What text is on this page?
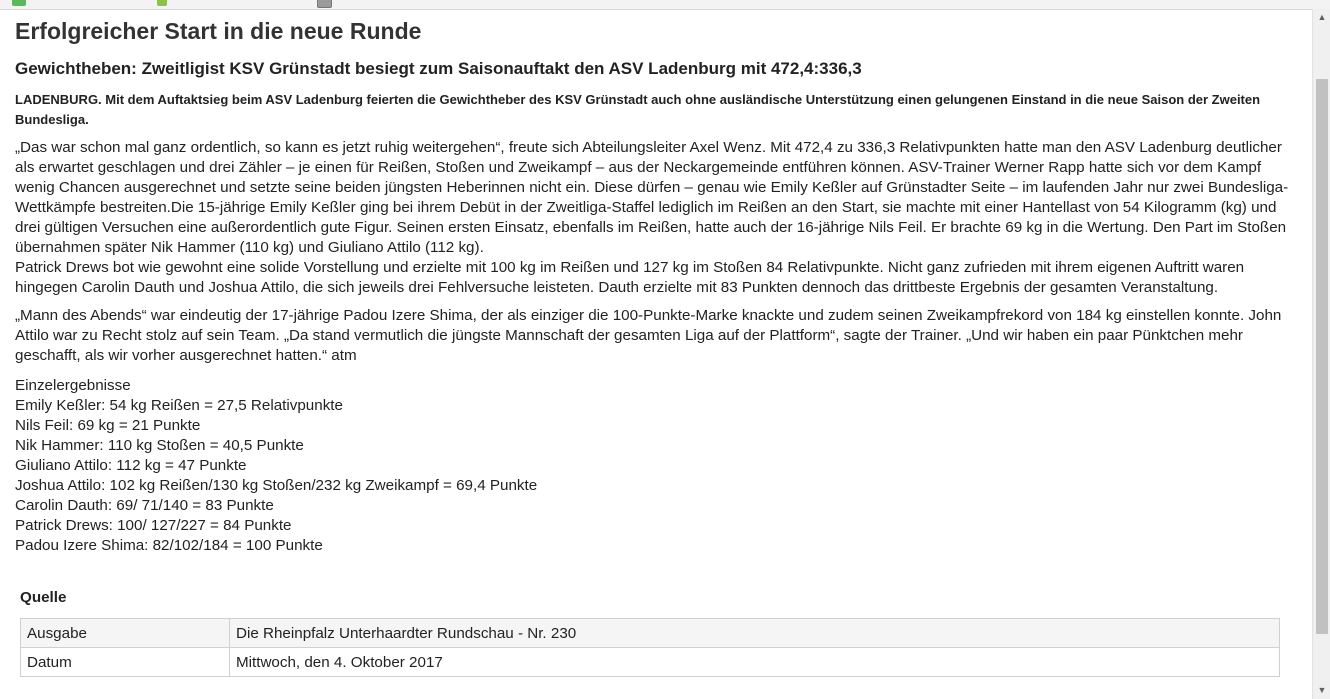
Erfolgreicher Start in die neue Runde
Gewichtheben: Zweitligist KSV Grünstadt besiegt zum Saisonauftakt den ASV Ladenburg mit 472,4:336,3

LADENBURG. Mit dem Auftaktsieg beim ASV Ladenburg feierten die Gewichtheber des KSV Grünstadt auch ohne ausländische Unterstützung einen gelungenen Einstand in die neue Saison der Zweiten Bundesliga.

„Das war schon mal ganz ordentlich, so kann es jetzt ruhig weitergehen“, freute sich Abteilungsleiter Axel Wenz. Mit 472,4 zu 336,3 Relativpunkten hatte man den ASV Ladenburg deutlicher als erwartet geschlagen und drei Zähler – je einen für Reißen, Stoßen und Zweikampf – aus der Neckargemeinde entführen können. ASV-Trainer Werner Rapp hatte sich vor dem Kampf wenig Chancen ausgerechnet und setzte seine beiden jüngsten Heberinnen nicht ein. Diese dürfen – genau wie Emily Keßler auf Grünstadter Seite – im laufenden Jahr nur zwei Bundesliga-Wettkämpfe bestreiten.Die 15-jährige Emily Keßler ging bei ihrem Debüt in der Zweitliga-Staffel lediglich im Reißen an den Start, sie machte mit einer Hantellast von 54 Kilogramm (kg) und drei gültigen Versuchen eine außerordentlich gute Figur. Seinen ersten Einsatz, ebenfalls im Reißen, hatte auch der 16-jährige Nils Feil. Er brachte 69 kg in die Wertung. Den Part im Stoßen übernahmen später Nik Hammer (110 kg) und Giuliano Attilo (112 kg).
Patrick Drews bot wie gewohnt eine solide Vorstellung und erzielte mit 100 kg im Reißen und 127 kg im Stoßen 84 Relativpunkte. Nicht ganz zufrieden mit ihrem eigenen Auftritt waren hingegen Carolin Dauth und Joshua Attilo, die sich jeweils drei Fehlversuche leisteten. Dauth erzielte mit 83 Punkten dennoch das drittbeste Ergebnis der gesamten Veranstaltung.

„Mann des Abends“ war eindeutig der 17-jährige Padou Izere Shima, der als einziger die 100-Punkte-Marke knackte und zudem seinen Zweikampfrekord von 184 kg einstellen konnte. John Attilo war zu Recht stolz auf sein Team. „Da stand vermutlich die jüngste Mannschaft der gesamten Liga auf der Plattform“, sagte der Trainer. „Und wir haben ein paar Pünktchen mehr geschafft, als wir vorher ausgerechnet hatten.“ atm

Einzelergebnisse
Emily Keßler: 54 kg Reißen = 27,5 Relativpunkte
Nils Feil: 69 kg = 21 Punkte
Nik Hammer: 110 kg Stoßen = 40,5 Punkte
Giuliano Attilo: 112 kg = 47 Punkte
Joshua Attilo: 102 kg Reißen/130 kg Stoßen/232 kg Zweikampf = 69,4 Punkte
Carolin Dauth: 69/ 71/140 = 83 Punkte
Patrick Drews: 100/ 127/227 = 84 Punkte
Padou Izere Shima: 82/102/184 = 100 Punkte
Quelle
Ausgabe	Die Rheinpfalz Unterhaardter Rundschau - Nr. 230
Datum	Mittwoch, den 4. Oktober 2017
▲
▼
